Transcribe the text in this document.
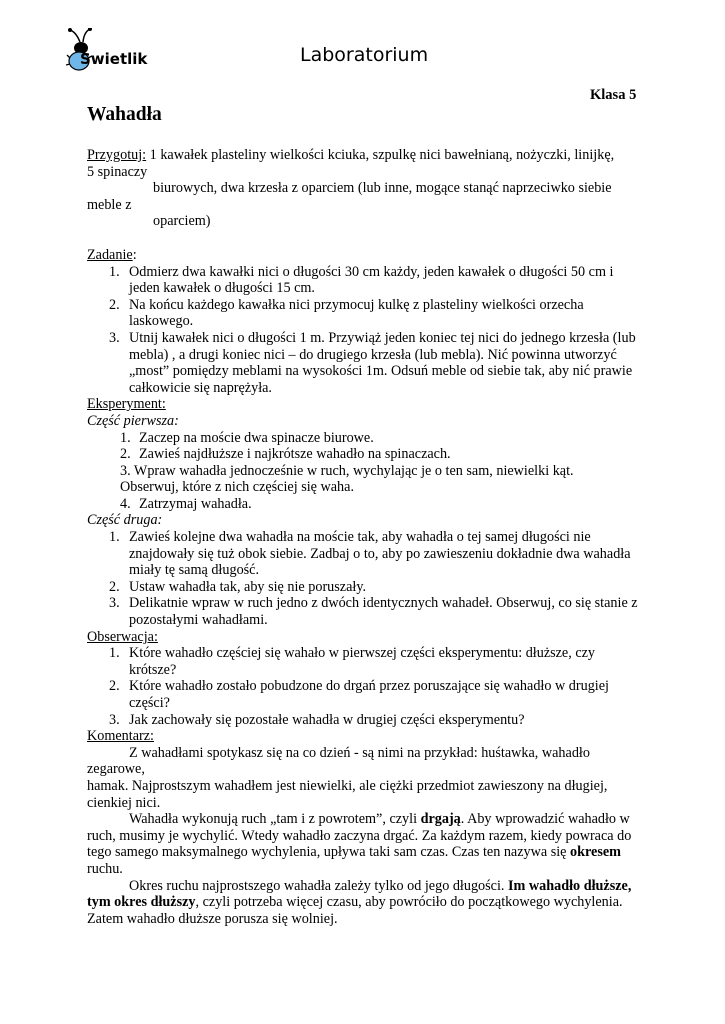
Świetlik	Laboratorium
Klasa 5
Wahadła
Przygotuj: 1 kawałek plasteliny wielkości kciuka, szpulkę nici bawełnianą, nożyczki, linijkę,
5 spinaczy
biurowych, dwa krzesła z oparciem (lub inne, mogące stanąć naprzeciwko siebie
meble z
oparciem)
Zadanie:
1. Odmierz dwa kawałki nici o długości 30 cm każdy, jeden kawałek o długości 50 cm i jeden kawałek o długości 15 cm.
2. Na końcu każdego kawałka nici przymocuj kulkę z plasteliny wielkości orzecha laskowego.
3. Utnij kawałek nici o długości 1 m. Przywiąż jeden koniec tej nici do jednego krzesła (lub mebla) , a drugi koniec nici – do drugiego krzesła (lub mebla). Nić powinna utworzyć „most” pomiędzy meblami na wysokości 1m. Odsuń meble od siebie tak, aby nić prawie całkowicie się naprężyła.
Eksperyment:
Część pierwsza:
1. Zaczep na moście dwa spinacze biurowe.
2. Zawieś najdłuższe i najkrótsze wahadło na spinaczach.
3. Wpraw wahadła jednocześnie w ruch, wychylając je o ten sam, niewielki kąt.
Obserwuj, które z nich częściej się waha.
4. Zatrzymaj wahadła.
Część druga:
1. Zawieś kolejne dwa wahadła na moście tak, aby wahadła o tej samej długości nie znajdowały się tuż obok siebie. Zadbaj o to, aby po zawieszeniu dokładnie dwa wahadła miały tę samą długość.
2. Ustaw wahadła tak, aby się nie poruszały.
3. Delikatnie wpraw w ruch jedno z dwóch identycznych wahadeł. Obserwuj, co się stanie z pozostałymi wahadłami.
Obserwacja:
1. Które wahadło częściej się wahało w pierwszej części eksperymentu: dłuższe, czy krótsze?
2. Które wahadło zostało pobudzone do drgań przez poruszające się wahadło w drugiej części?
3. Jak zachowały się pozostałe wahadła w drugiej części eksperymentu?
Komentarz:
Z wahadłami spotykasz się na co dzień - są nimi na przykład: huśtawka, wahadło
zegarowe,
hamak. Najprostszym wahadłem jest niewielki, ale ciężki przedmiot zawieszony na długiej, cienkiej nici.
Wahadła wykonują ruch „tam i z powrotem”, czyli drgają. Aby wprowadzić wahadło w ruch, musimy je wychylić. Wtedy wahadło zaczyna drgać. Za każdym razem, kiedy powraca do tego samego maksymalnego wychylenia, upływa taki sam czas. Czas ten nazywa się okresem ruchu.
Okres ruchu najprostszego wahadła zależy tylko od jego długości. Im wahadło dłuższe, tym okres dłuższy, czyli potrzeba więcej czasu, aby powróciło do początkowego wychylenia. Zatem wahadło dłuższe porusza się wolniej.
